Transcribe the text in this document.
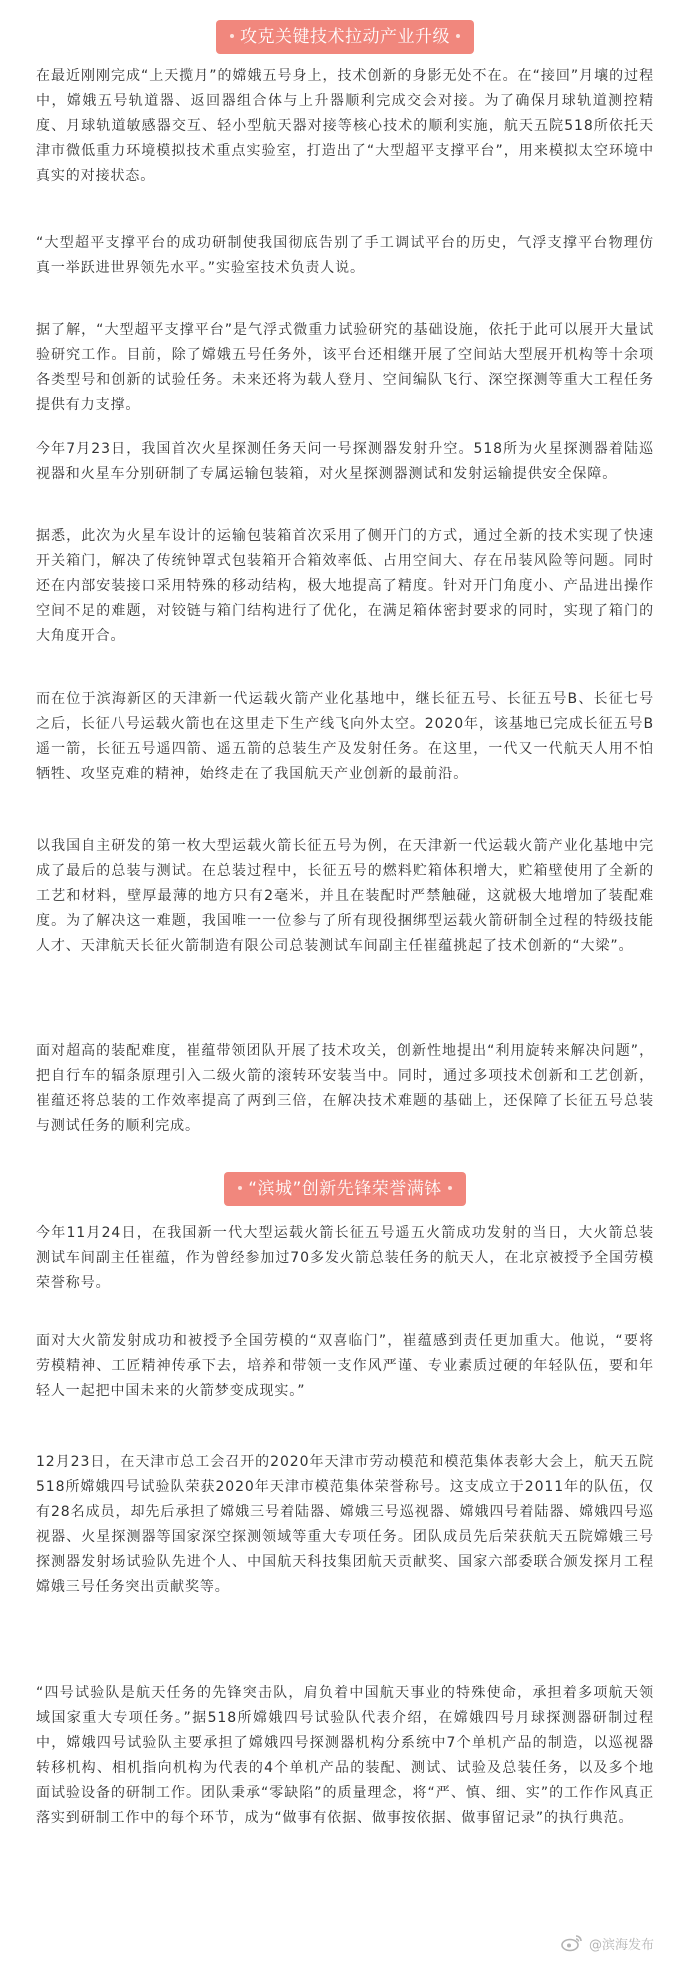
攻克关键技术拉动产业升级

在最近刚刚完成“上天揽月”的嫦娥五号身上，技术创新的身影无处不在。在“接回”月壤的过程中，嫦娥五号轨道器、返回器组合体与上升器顺利完成交会对接。为了确保月球轨道测控精度、月球轨道敏感器交互、轻小型航天器对接等核心技术的顺利实施，航天五院518所依托天津市微低重力环境模拟技术重点实验室，打造出了“大型超平支撑平台”，用来模拟太空环境中真实的对接状态。

“大型超平支撑平台的成功研制使我国彻底告别了手工调试平台的历史，气浮支撑平台物理仿真一举跃进世界领先水平。”实验室技术负责人说。

据了解，“大型超平支撑平台”是气浮式微重力试验研究的基础设施，依托于此可以展开大量试验研究工作。目前，除了嫦娥五号任务外，该平台还相继开展了空间站大型展开机构等十余项各类型号和创新的试验任务。未来还将为载人登月、空间编队飞行、深空探测等重大工程任务提供有力支撑。

今年7月23日，我国首次火星探测任务天问一号探测器发射升空。518所为火星探测器着陆巡视器和火星车分别研制了专属运输包装箱，对火星探测器测试和发射运输提供安全保障。

据悉，此次为火星车设计的运输包装箱首次采用了侧开门的方式，通过全新的技术实现了快速开关箱门，解决了传统钟罩式包装箱开合箱效率低、占用空间大、存在吊装风险等问题。同时还在内部安装接口采用特殊的移动结构，极大地提高了精度。针对开门角度小、产品进出操作空间不足的难题，对铰链与箱门结构进行了优化，在满足箱体密封要求的同时，实现了箱门的大角度开合。

而在位于滨海新区的天津新一代运载火箭产业化基地中，继长征五号、长征五号B、长征七号之后，长征八号运载火箭也在这里走下生产线飞向外太空。2020年，该基地已完成长征五号B遥一箭，长征五号遥四箭、遥五箭的总装生产及发射任务。在这里，一代又一代航天人用不怕牺牲、攻坚克难的精神，始终走在了我国航天产业创新的最前沿。

以我国自主研发的第一枚大型运载火箭长征五号为例，在天津新一代运载火箭产业化基地中完成了最后的总装与测试。在总装过程中，长征五号的燃料贮箱体积增大，贮箱壁使用了全新的工艺和材料，壁厚最薄的地方只有2毫米，并且在装配时严禁触碰，这就极大地增加了装配难度。为了解决这一难题，我国唯一一位参与了所有现役捆绑型运载火箭研制全过程的特级技能人才、天津航天长征火箭制造有限公司总装测试车间副主任崔蕴挑起了技术创新的“大梁”。

面对超高的装配难度，崔蕴带领团队开展了技术攻关，创新性地提出“利用旋转来解决问题”，把自行车的辐条原理引入二级火箭的滚转环安装当中。同时，通过多项技术创新和工艺创新，崔蕴还将总装的工作效率提高了两到三倍，在解决技术难题的基础上，还保障了长征五号总装与测试任务的顺利完成。

“滨城”创新先锋荣誉满钵

今年11月24日，在我国新一代大型运载火箭长征五号遥五火箭成功发射的当日，大火箭总装测试车间副主任崔蕴，作为曾经参加过70多发火箭总装任务的航天人，在北京被授予全国劳模荣誉称号。

面对大火箭发射成功和被授予全国劳模的“双喜临门”，崔蕴感到责任更加重大。他说，“要将劳模精神、工匠精神传承下去，培养和带领一支作风严谨、专业素质过硬的年轻队伍，要和年轻人一起把中国未来的火箭梦变成现实。”

12月23日，在天津市总工会召开的2020年天津市劳动模范和模范集体表彰大会上，航天五院518所嫦娥四号试验队荣获2020年天津市模范集体荣誉称号。这支成立于2011年的队伍，仅有28名成员，却先后承担了嫦娥三号着陆器、嫦娥三号巡视器、嫦娥四号着陆器、嫦娥四号巡视器、火星探测器等国家深空探测领域等重大专项任务。团队成员先后荣获航天五院嫦娥三号探测器发射场试验队先进个人、中国航天科技集团航天贡献奖、国家六部委联合颁发探月工程嫦娥三号任务突出贡献奖等。

“四号试验队是航天任务的先锋突击队，肩负着中国航天事业的特殊使命，承担着多项航天领域国家重大专项任务。”据518所嫦娥四号试验队代表介绍，在嫦娥四号月球探测器研制过程中，嫦娥四号试验队主要承担了嫦娥四号探测器机构分系统中7个单机产品的制造，以巡视器转移机构、相机指向机构为代表的4个单机产品的装配、测试、试验及总装任务，以及多个地面试验设备的研制工作。团队秉承“零缺陷”的质量理念，将“严、慎、细、实”的工作作风真正落实到研制工作中的每个环节，成为“做事有依据、做事按依据、做事留记录”的执行典范。

@滨海发布
